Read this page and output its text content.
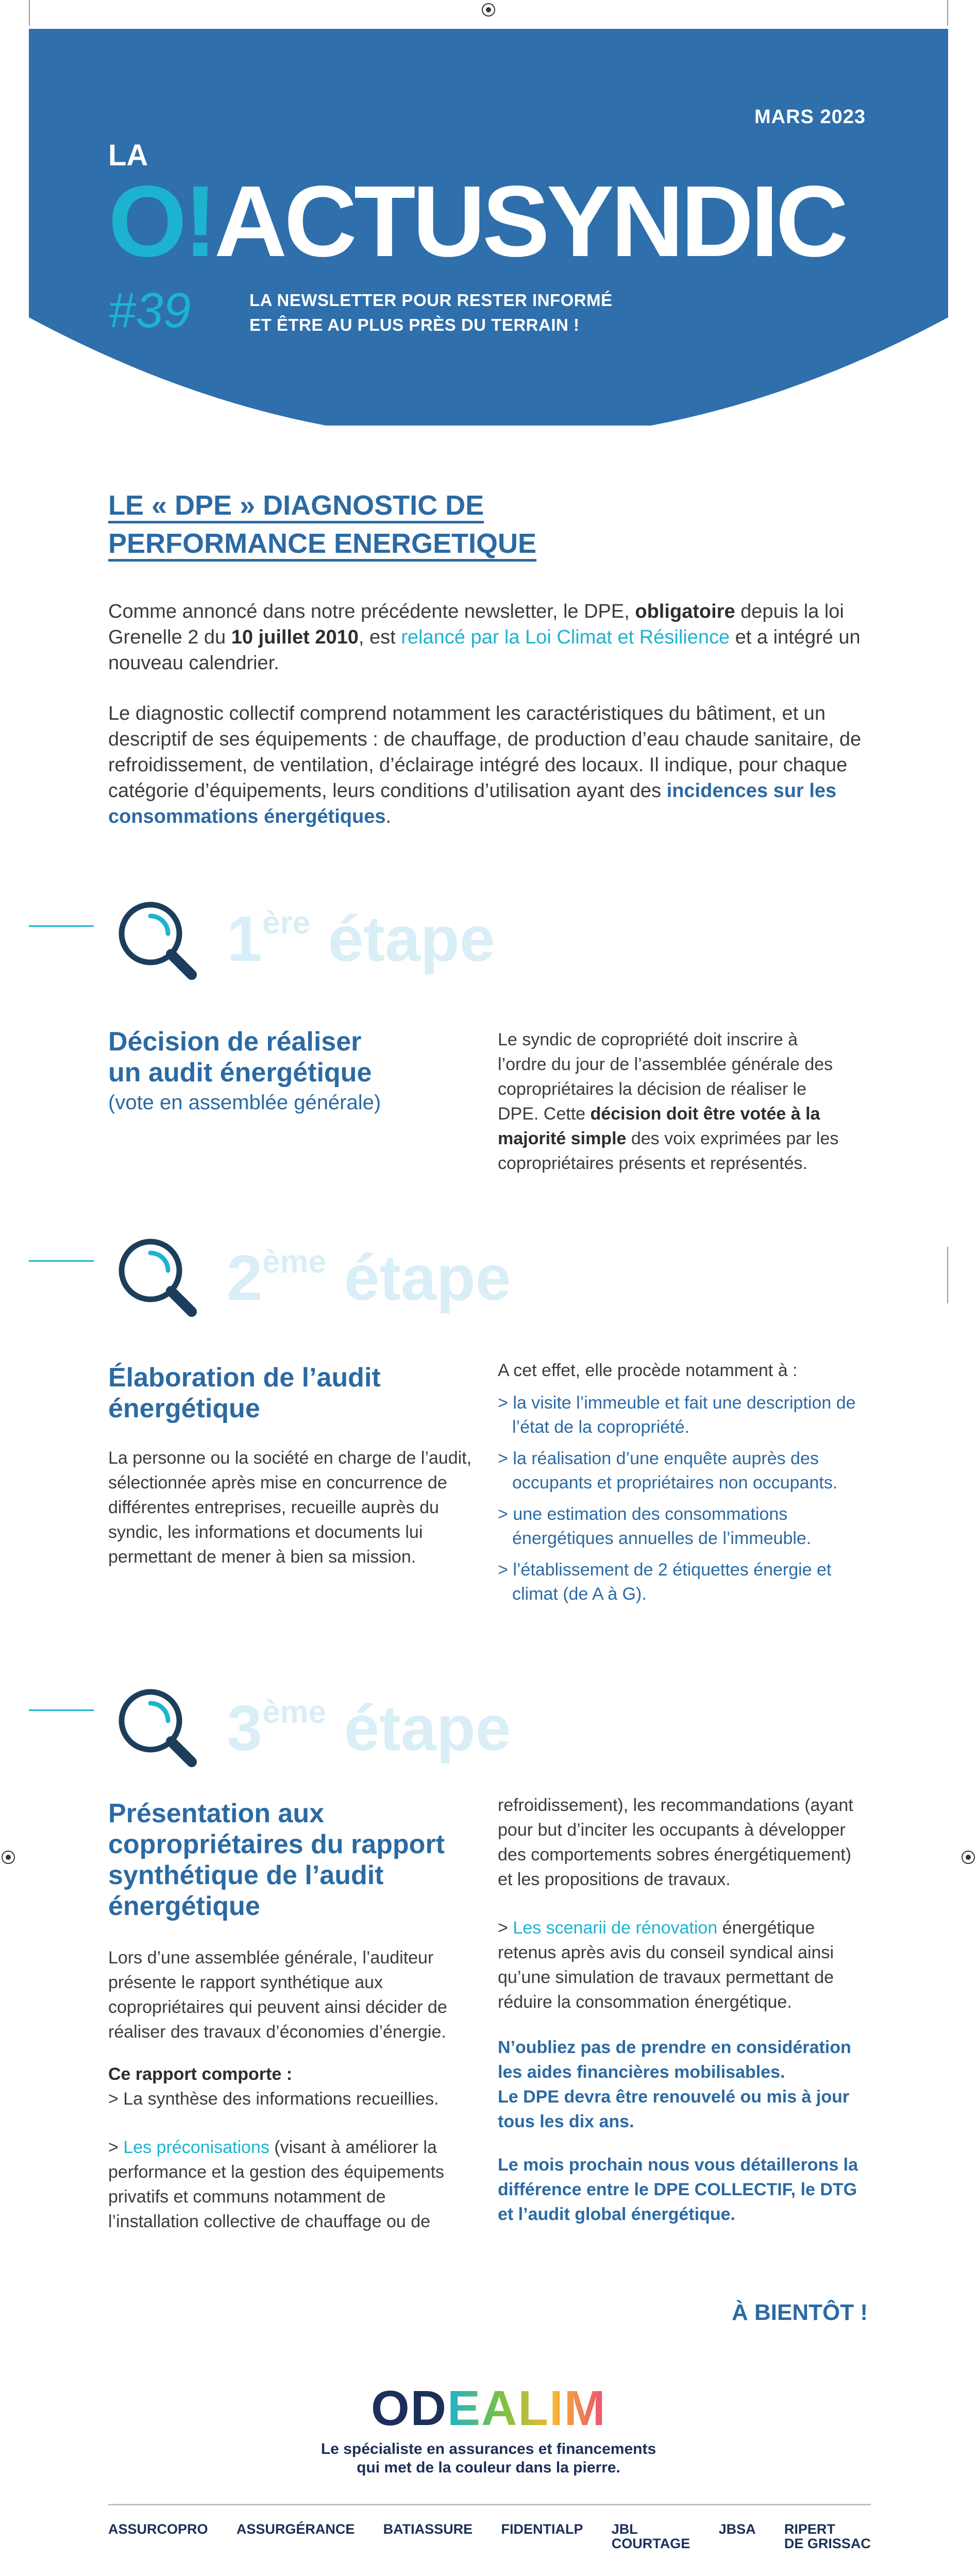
MARS 2023
LA
O!ACTUSYNDIC
#39	LA NEWSLETTER POUR RESTER INFORMÉ
ET ÊTRE AU PLUS PRÈS DU TERRAIN !
LE « DPE » DIAGNOSTIC DE
PERFORMANCE ENERGETIQUE
Comme annoncé dans notre précédente newsletter, le DPE, obligatoire depuis la loi Grenelle 2 du 10 juillet 2010, est relancé par la Loi Climat et Résilience et a intégré un nouveau calendrier.
Le diagnostic collectif comprend notamment les caractéristiques du bâtiment, et un descriptif de ses équipements : de chauffage, de production d’eau chaude sanitaire, de refroidissement, de ventilation, d’éclairage intégré des locaux. Il indique, pour chaque catégorie d’équipements, leurs conditions d’utilisation ayant des incidences sur les consommations énergétiques.
1ère étape
Décision de réaliser
un audit énergétique
(vote en assemblée générale)
Le syndic de copropriété doit inscrire à l’ordre du jour de l’assemblée générale des copropriétaires la décision de réaliser le DPE. Cette décision doit être votée à la majorité simple des voix exprimées par les copropriétaires présents et représentés.
2ème étape
Élaboration de l’audit
énergétique
La personne ou la société en charge de l’audit, sélectionnée après mise en concurrence de différentes entreprises, recueille auprès du syndic, les informations et documents lui permettant de mener à bien sa mission.
A cet effet, elle procède notamment à :
> la visite l’immeuble et fait une description de l’état de la copropriété.
> la réalisation d’une enquête auprès des occupants et propriétaires non occupants.
> une estimation des consommations énergétiques annuelles de l’immeuble.
> l’établissement de 2 étiquettes énergie et climat (de A à G).
3ème étape
Présentation aux
copropriétaires du rapport
synthétique de l’audit
énergétique
Lors d’une assemblée générale, l’auditeur présente le rapport synthétique aux copropriétaires qui peuvent ainsi décider de réaliser des travaux d’économies d’énergie.
Ce rapport comporte :
> La synthèse des informations recueillies.
> Les préconisations (visant à améliorer la performance et la gestion des équipements privatifs et communs notamment de l’installation collective de chauffage ou de
refroidissement), les recommandations (ayant pour but d’inciter les occupants à développer des comportements sobres énergétiquement) et les propositions de travaux.
> Les scenarii de rénovation énergétique retenus après avis du conseil syndical ainsi qu’une simulation de travaux permettant de réduire la consommation énergétique.
N’oubliez pas de prendre en considération les aides financières mobilisables.
Le DPE devra être renouvelé ou mis à jour tous les dix ans.
Le mois prochain nous vous détaillerons la différence entre le DPE COLLECTIF, le DTG et l’audit global énergétique.
À BIENTÔT !
ODEALIM
Le spécialiste en assurances et financements
qui met de la couleur dans la pierre.
ASSURCOPRO ASSURGÉRANCE BATIASSURE FIDENTIALP JBL
COURTAGE
JBSA RIPERT
DE GRISSAC
